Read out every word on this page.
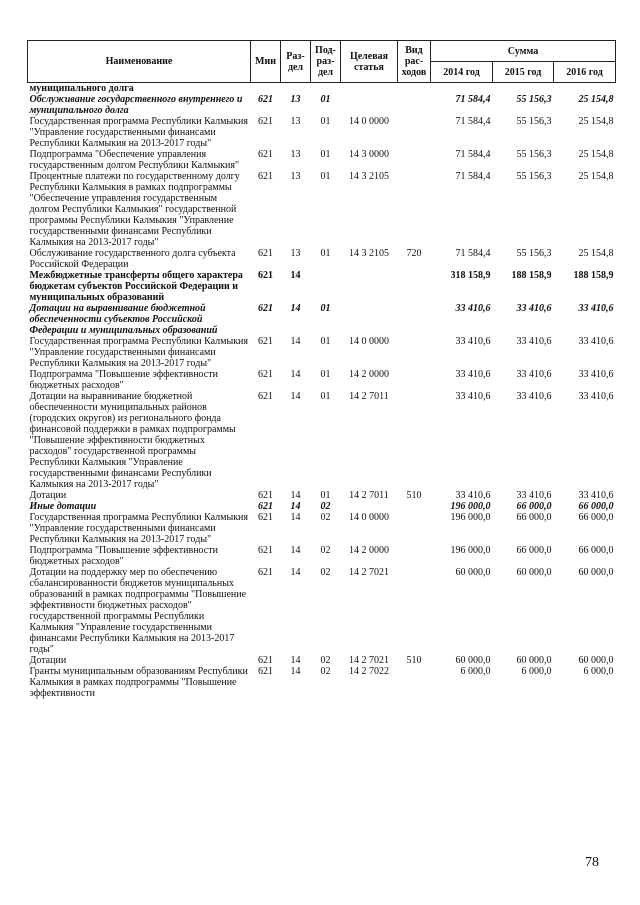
Наименование	Мин	Раз-дел	Под-раз-дел	Целевая статья	Вид рас-ходов	Сумма		
						2014 год	2015 год	2016 год
муниципального долга								
Обслуживание государственного внутреннего и муниципального долга	621	13	01			71 584,4	55 156,3	25 154,8
Государственная программа Республики Калмыкия "Управление государственными финансами Республики Калмыкия на 2013-2017 годы"	621	13	01	14 0 0000		71 584,4	55 156,3	25 154,8
Подпрограмма "Обеспечение управления государственным долгом Республики Калмыкия"	621	13	01	14 3 0000		71 584,4	55 156,3	25 154,8
Процентные платежи по государственному долгу Республики Калмыкия в рамках подпрограммы "Обеспечение управления государственным долгом Республики Калмыкия" государственной программы Республики Калмыкия "Управление государственными финансами Республики Калмыкия на 2013-2017 годы"	621	13	01	14 3 2105		71 584,4	55 156,3	25 154,8
Обслуживание государственного долга субъекта Российской Федерации	621	13	01	14 3 2105	720	71 584,4	55 156,3	25 154,8
Межбюджетные трансферты общего характера бюджетам субъектов Российской Федерации и муниципальных образований	621	14				318 158,9	188 158,9	188 158,9
Дотации на выравнивание бюджетной обеспеченности субъектов Российской Федерации и муниципальных образований	621	14	01			33 410,6	33 410,6	33 410,6
Государственная программа Республики Калмыкия "Управление государственными финансами Республики Калмыкия на 2013-2017 годы"	621	14	01	14 0 0000		33 410,6	33 410,6	33 410,6
Подпрограмма "Повышение эффективности бюджетных расходов"	621	14	01	14 2 0000		33 410,6	33 410,6	33 410,6
Дотации на выравнивание бюджетной обеспеченности муниципальных районов (городских округов) из регионального фонда финансовой поддержки в рамках подпрограммы "Повышение эффективности бюджетных расходов" государственной программы Республики Калмыкия "Управление государственными финансами Республики Калмыкия на 2013-2017 годы"	621	14	01	14 2 7011		33 410,6	33 410,6	33 410,6
Дотации	621	14	01	14 2 7011	510	33 410,6	33 410,6	33 410,6
Иные дотации	621	14	02			196 000,0	66 000,0	66 000,0
Государственная программа Республики Калмыкия "Управление государственными финансами Республики Калмыкия на 2013-2017 годы"	621	14	02	14 0 0000		196 000,0	66 000,0	66 000,0
Подпрограмма "Повышение эффективности бюджетных расходов"	621	14	02	14 2 0000		196 000,0	66 000,0	66 000,0
Дотации на поддержку мер по обеспечению сбалансированности бюджетов муниципальных образований в рамках подпрограммы "Повышение эффективности бюджетных расходов" государственной программы Республики Калмыкия "Управление государственными финансами Республики Калмыкия на 2013-2017 годы"	621	14	02	14 2 7021		60 000,0	60 000,0	60 000,0
Дотации	621	14	02	14 2 7021	510	60 000,0	60 000,0	60 000,0
Гранты муниципальным образованиям Республики Калмыкия в рамках подпрограммы "Повышение эффективности	621	14	02	14 2 7022		6 000,0	6 000,0	6 000,0
78
